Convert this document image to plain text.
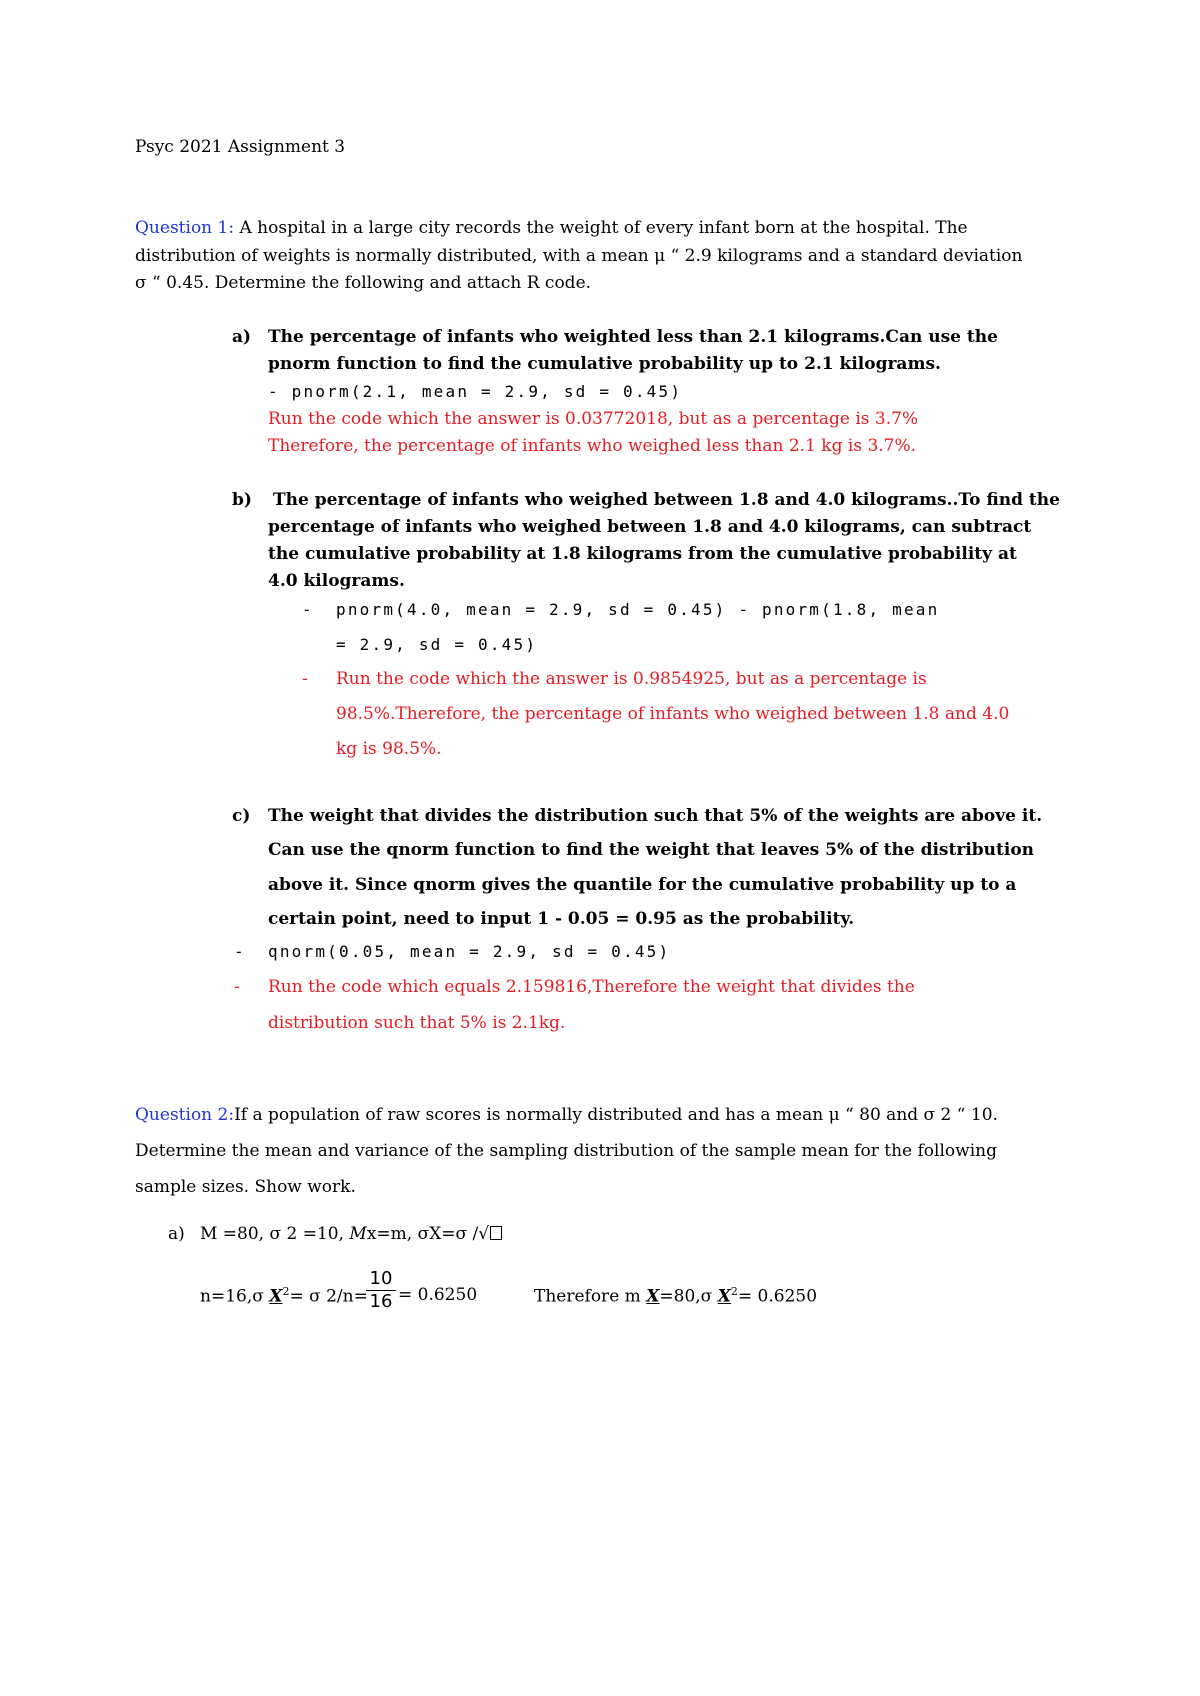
Psyc 2021 Assignment 3
Question 1: A hospital in a large city records the weight of every infant born at the hospital. The
distribution of weights is normally distributed, with a mean μ “ 2.9 kilograms and a standard deviation
σ “ 0.45. Determine the following and attach R code.
a) The percentage of infants who weighted less than 2.1 kilograms.Can use the
pnorm function to find the cumulative probability up to 2.1 kilograms.
- pnorm(2.1, mean = 2.9, sd = 0.45)
Run the code which the answer is 0.03772018, but as a percentage is 3.7%
Therefore, the percentage of infants who weighed less than 2.1 kg is 3.7%.
b) The percentage of infants who weighed between 1.8 and 4.0 kilograms..To find the
percentage of infants who weighed between 1.8 and 4.0 kilograms, can subtract
the cumulative probability at 1.8 kilograms from the cumulative probability at
4.0 kilograms.
- pnorm(4.0, mean = 2.9, sd = 0.45) - pnorm(1.8, mean
= 2.9, sd = 0.45)
- Run the code which the answer is 0.9854925, but as a percentage is
98.5%.Therefore, the percentage of infants who weighed between 1.8 and 4.0
kg is 98.5%.
c) The weight that divides the distribution such that 5% of the weights are above it.
Can use the qnorm function to find the weight that leaves 5% of the distribution
above it. Since qnorm gives the quantile for the cumulative probability up to a
certain point, need to input 1 - 0.05 = 0.95 as the probability.
- qnorm(0.05, mean = 2.9, sd = 0.45)
- Run the code which equals 2.159816,Therefore the weight that divides the
distribution such that 5% is 2.1kg.
Question 2:If a population of raw scores is normally distributed and has a mean μ “ 80 and σ 2 “ 10.
Determine the mean and variance of the sampling distribution of the sample mean for the following
sample sizes. Show work.
a) M =80, σ 2 =10, Mx=m, σX=σ /√
n=16,σ $X^2= \sigma$ 2/n=
$\frac{10}{16} = 0.6250$	Therefore m X=80,σ $X^2= 0.6250$
